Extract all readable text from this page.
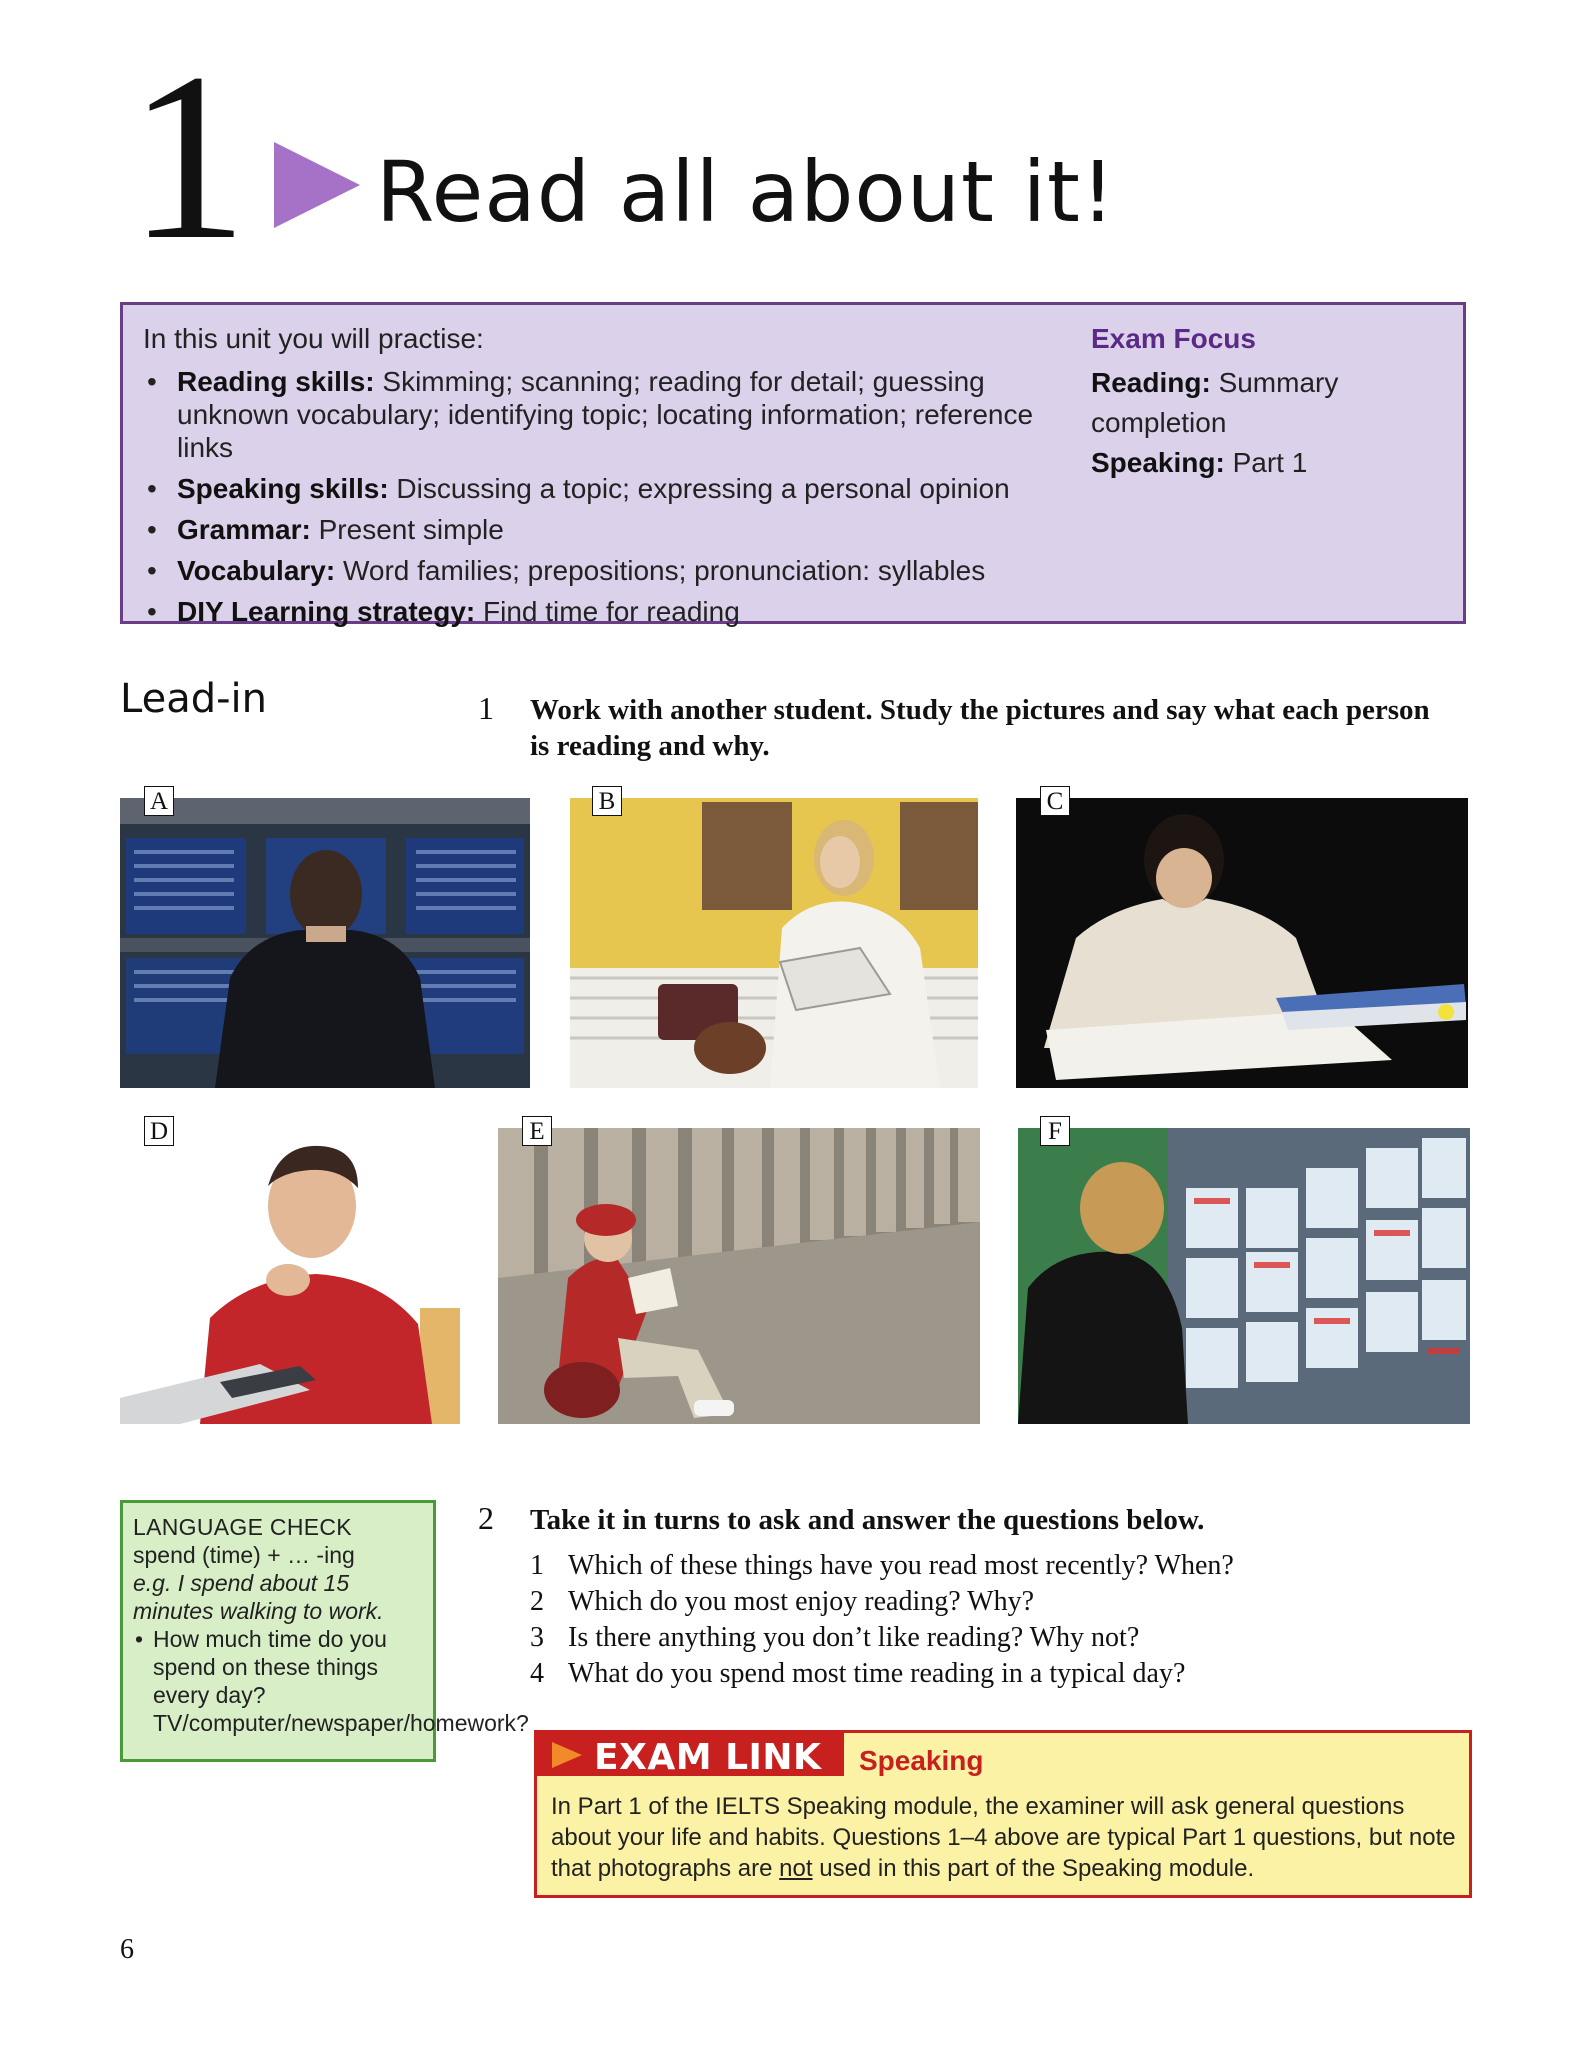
1 Read all about it!
In this unit you will practise:
• Reading skills: Skimming; scanning; reading for detail; guessing unknown vocabulary; identifying topic; locating information; reference links
• Speaking skills: Discussing a topic; expressing a personal opinion
• Grammar: Present simple
• Vocabulary: Word families; prepositions; pronunciation: syllables
• DIY Learning strategy: Find time for reading
Exam Focus
Reading: Summary completion
Speaking: Part 1
Lead-in	1 Work with another student. Study the pictures and say what each person is reading and why.
A	B	C
D	E	F
LANGUAGE CHECK
spend (time) + … -ing
e.g. I spend about 15 minutes walking to work.
• How much time do you spend on these things every day? TV/computer/newspaper/homework?
2 Take it in turns to ask and answer the questions below.
1 Which of these things have you read most recently? When?
2 Which do you most enjoy reading? Why?
3 Is there anything you don’t like reading? Why not?
4 What do you spend most time reading in a typical day?
EXAM LINK Speaking
In Part 1 of the IELTS Speaking module, the examiner will ask general questions about your life and habits. Questions 1–4 above are typical Part 1 questions, but note that photographs are not used in this part of the Speaking module.
6
